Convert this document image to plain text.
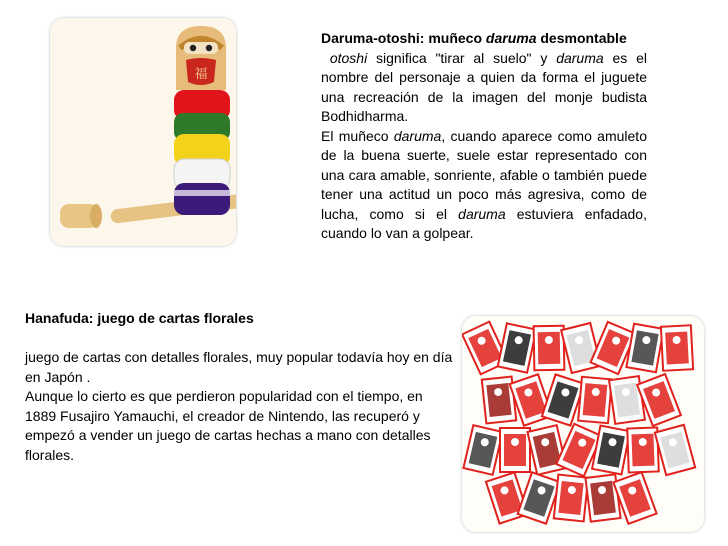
福

Daruma-otoshi: muñeco daruma desmontable

otoshi significa "tirar al suelo" y daruma es el nombre del personaje a quien da forma el juguete una recreación de la imagen del monje budista Bodhidharma.

El muñeco daruma, cuando aparece como amuleto de la buena suerte, suele estar representado con una cara amable, sonriente, afable o también puede tener una actitud un poco más agresiva, como de lucha, como si el daruma estuviera enfadado, cuando lo van a golpear.

Hanafuda: juego de cartas florales

juego de cartas con detalles florales, muy popular todavía hoy en día en Japón .

Aunque lo cierto es que perdieron popularidad con el tiempo, en 1889 Fusajiro Yamauchi, el creador de Nintendo, las recuperó y empezó a vender un juego de cartas hechas a mano con detalles florales.
